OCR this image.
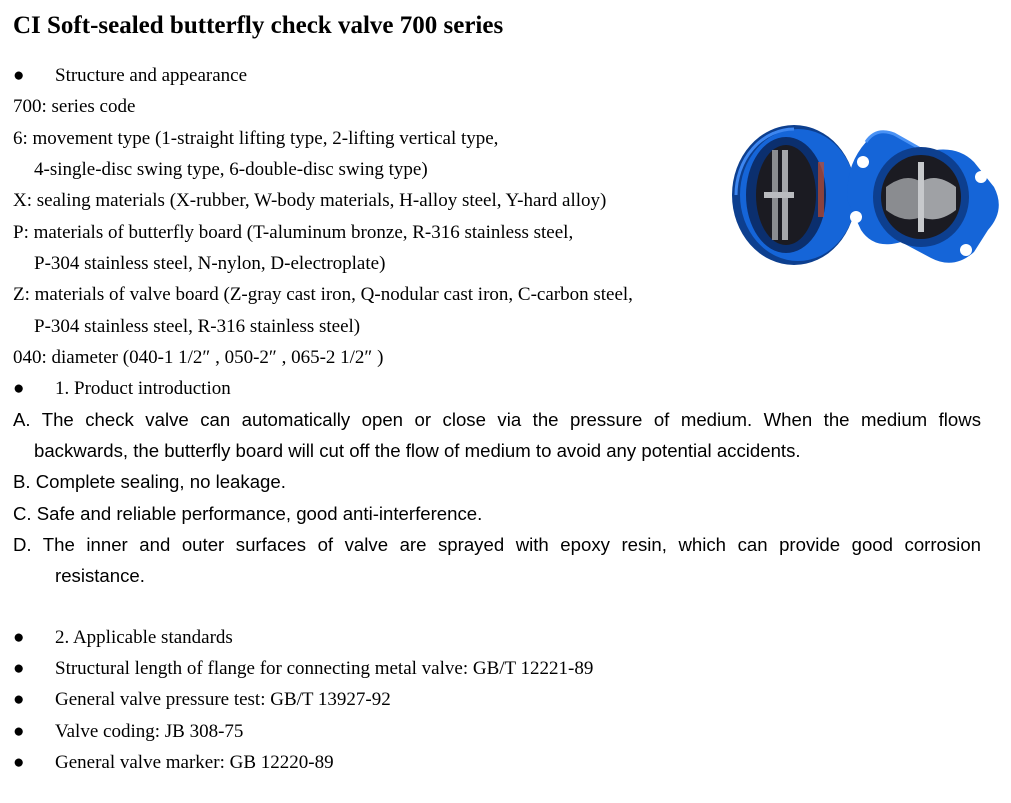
CI Soft-sealed butterfly check valve 700 series
● Structure and appearance
700: series code
6: movement type (1-straight lifting type, 2-lifting vertical type,
4-single-disc swing type, 6-double-disc swing type)
X: sealing materials (X-rubber, W-body materials, H-alloy steel, Y-hard alloy)
P: materials of butterfly board (T-aluminum bronze, R-316 stainless steel,
P-304 stainless steel, N-nylon, D-electroplate)
Z: materials of valve board (Z-gray cast iron, Q-nodular cast iron, C-carbon steel,
P-304 stainless steel, R-316 stainless steel)
040: diameter (040-1 1/2″ , 050-2″ , 065-2 1/2″ )
● 1. Product introduction
A. The check valve can automatically open or close via the pressure of medium. When the medium flows
backwards, the butterfly board will cut off the flow of medium to avoid any potential accidents.
B. Complete sealing, no leakage.
C. Safe and reliable performance, good anti-interference.
D. The inner and outer surfaces of valve are sprayed with epoxy resin, which can provide good corrosion
resistance.
● 2. Applicable standards
● Structural length of flange for connecting metal valve: GB/T 12221-89
● General valve pressure test: GB/T 13927-92
● Valve coding: JB 308-75
● General valve marker: GB 12220-89
